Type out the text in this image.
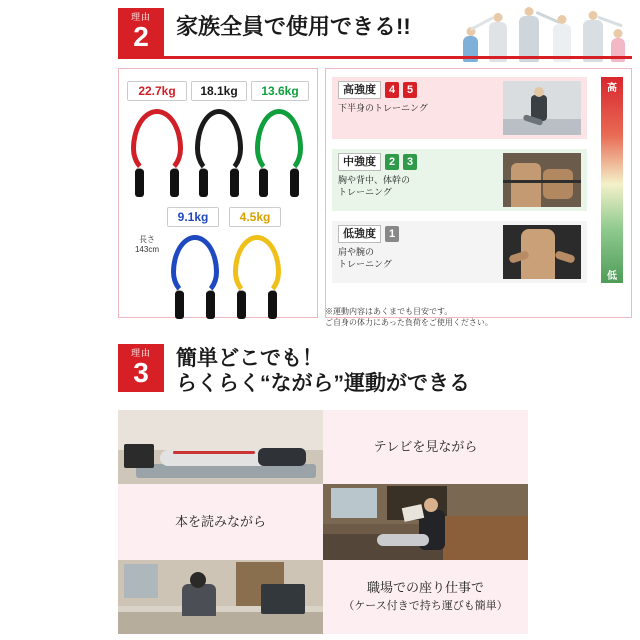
理由
2	家族全員で使用できる!!
22.7kg	18.1kg	13.6kg
9.1kg	4.5kg
長さ
143cm
高強度	4	5
下半身のトレーニング
中強度	2	3
胸や背中、体幹の
トレーニング
低強度	1
肩や腕の
トレーニング
高
低
※運動内容はあくまでも目安です。
ご自身の体力にあった負荷をご使用ください。
理由
3	簡単どこでも！
らくらく“ながら”運動ができる
テレビを見ながら
本を読みながら
職場での座り仕事で
（ケース付きで持ち運びも簡単）
